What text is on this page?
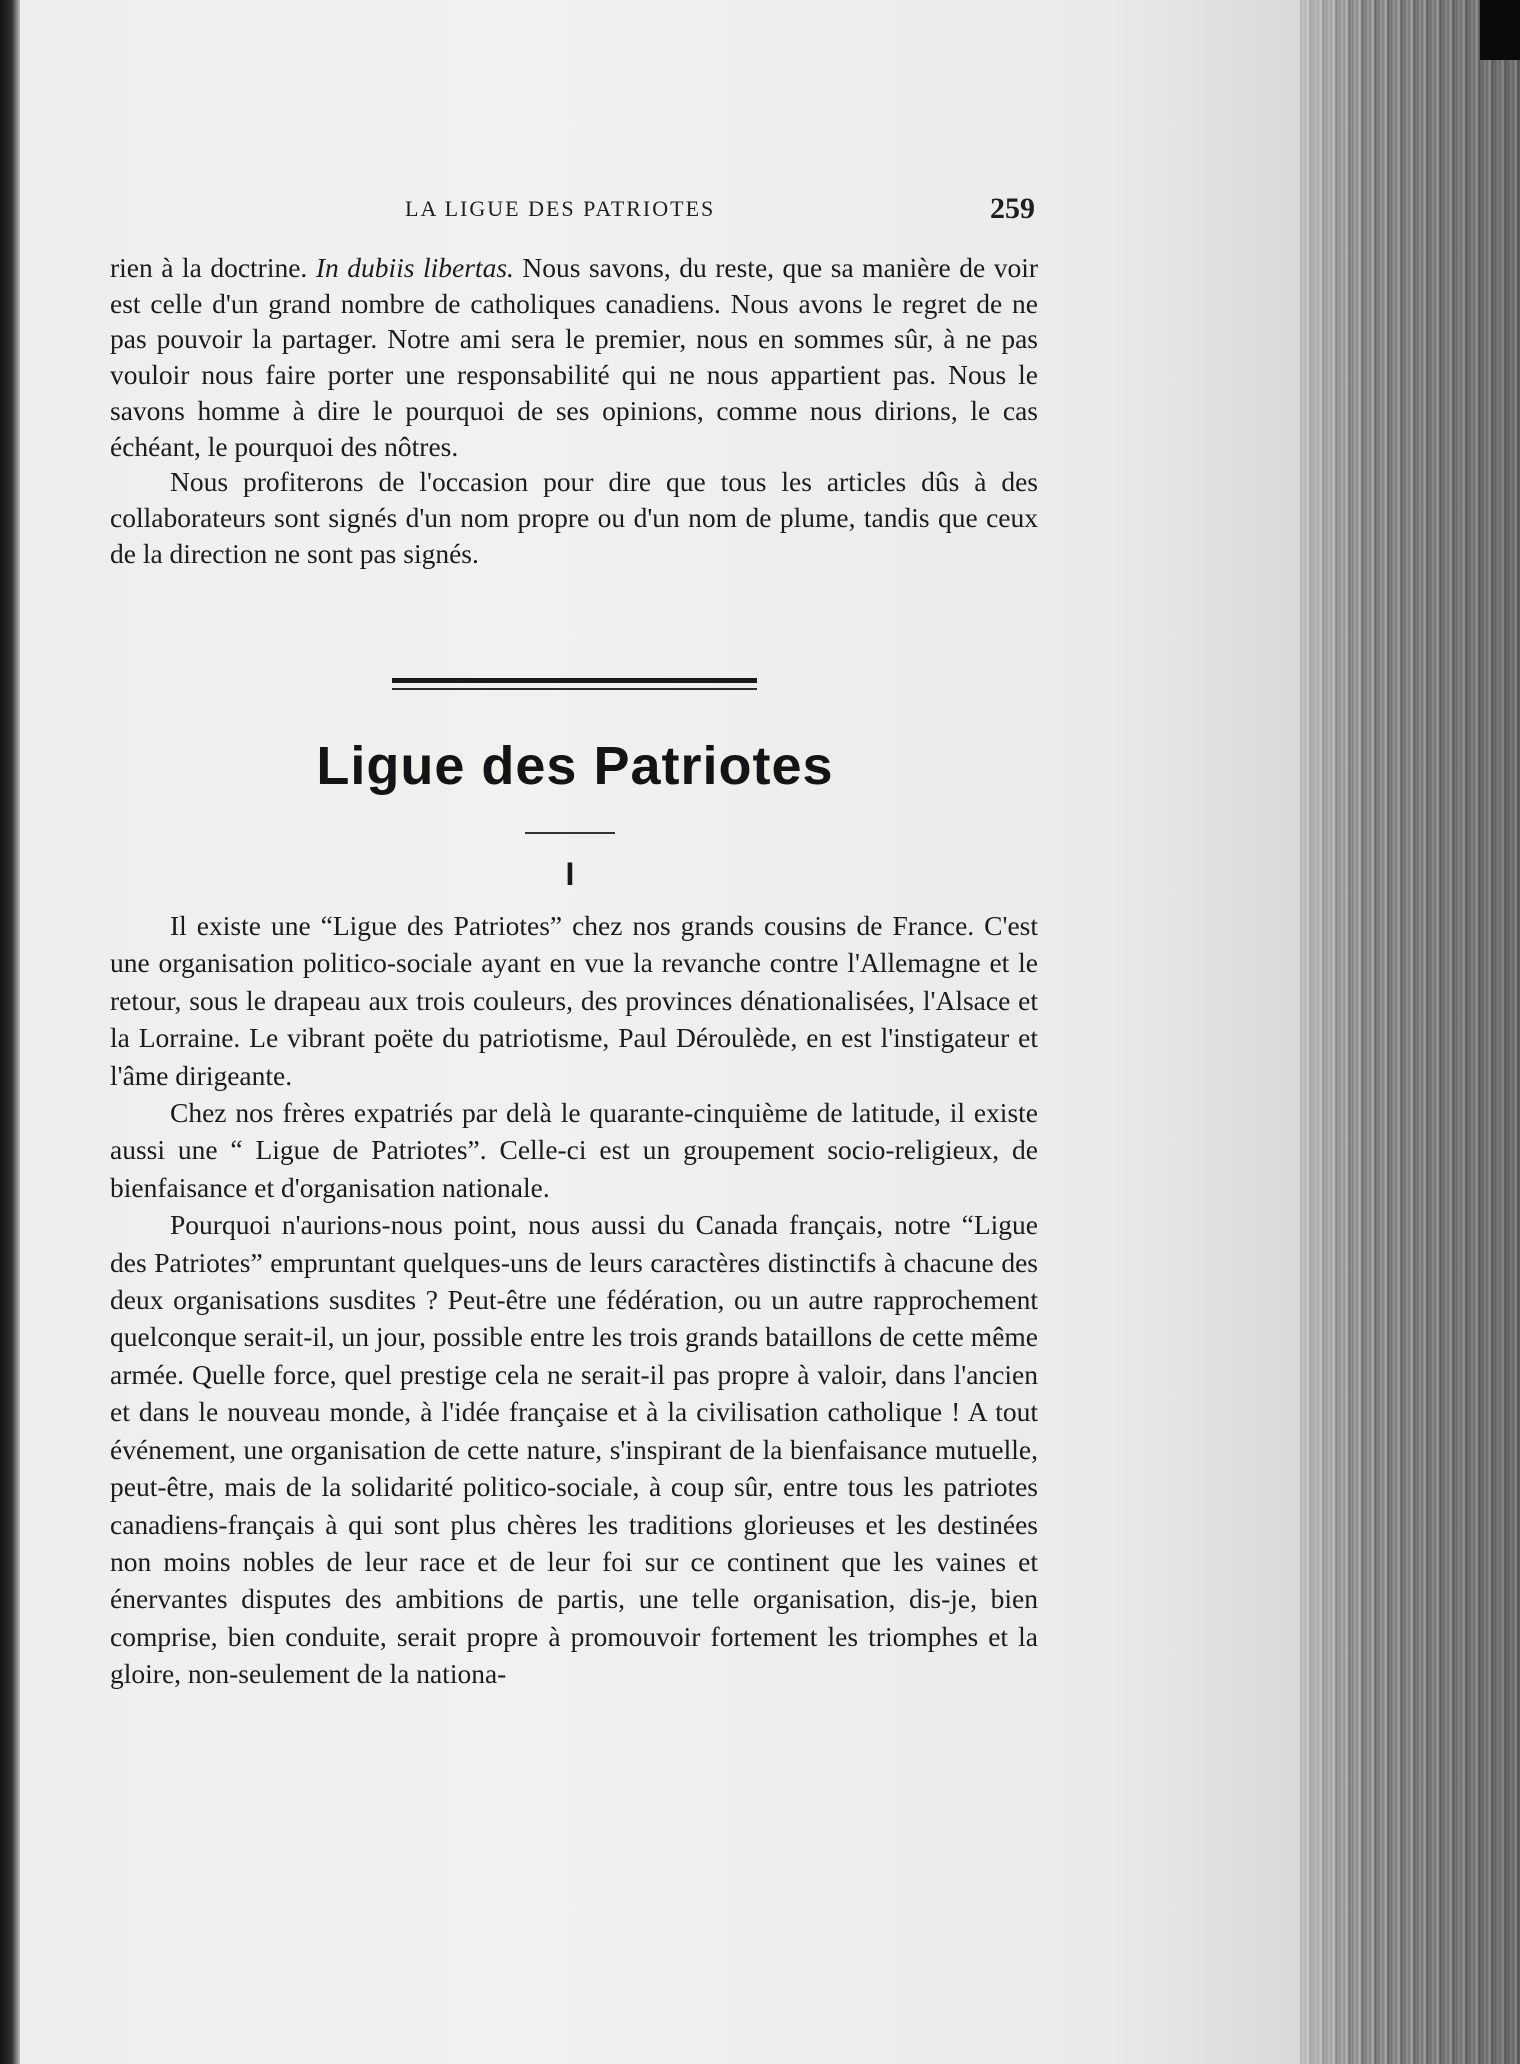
LA LIGUE DES PATRIOTES	259

rien à la doctrine. In dubiis libertas. Nous savons, du reste, que sa manière de voir est celle d'un grand nombre de catholiques canadiens. Nous avons le regret de ne pas pouvoir la partager. Notre ami sera le premier, nous en sommes sûr, à ne pas vouloir nous faire porter une responsabilité qui ne nous appartient pas. Nous le savons homme à dire le pourquoi de ses opinions, comme nous dirions, le cas échéant, le pourquoi des nôtres.

Nous profiterons de l'occasion pour dire que tous les articles dûs à des collaborateurs sont signés d'un nom propre ou d'un nom de plume, tandis que ceux de la direction ne sont pas signés.

Ligue des Patriotes
I

Il existe une “Ligue des Patriotes” chez nos grands cousins de France. C'est une organisation politico-sociale ayant en vue la revanche contre l'Allemagne et le retour, sous le drapeau aux trois couleurs, des provinces dénationalisées, l'Alsace et la Lorraine. Le vibrant poëte du patriotisme, Paul Déroulède, en est l'instigateur et l'âme dirigeante.

Chez nos frères expatriés par delà le quarante-cinquième de latitude, il existe aussi une “ Ligue de Patriotes”. Celle-ci est un groupement socio-religieux, de bienfaisance et d'organisation nationale.

Pourquoi n'aurions-nous point, nous aussi du Canada français, notre “Ligue des Patriotes” empruntant quelques-uns de leurs caractères distinctifs à chacune des deux organisations susdites ? Peut-être une fédération, ou un autre rapprochement quelconque serait-il, un jour, possible entre les trois grands bataillons de cette même armée. Quelle force, quel prestige cela ne serait-il pas propre à valoir, dans l'ancien et dans le nouveau monde, à l'idée française et à la civilisation catholique ! A tout événement, une organisation de cette nature, s'inspirant de la bienfaisance mutuelle, peut-être, mais de la solidarité politico-sociale, à coup sûr, entre tous les patriotes canadiens-français à qui sont plus chères les traditions glorieuses et les destinées non moins nobles de leur race et de leur foi sur ce continent que les vaines et énervantes disputes des ambitions de partis, une telle organisation, dis-je, bien comprise, bien conduite, serait propre à promouvoir fortement les triomphes et la gloire, non-seulement de la nationa-
